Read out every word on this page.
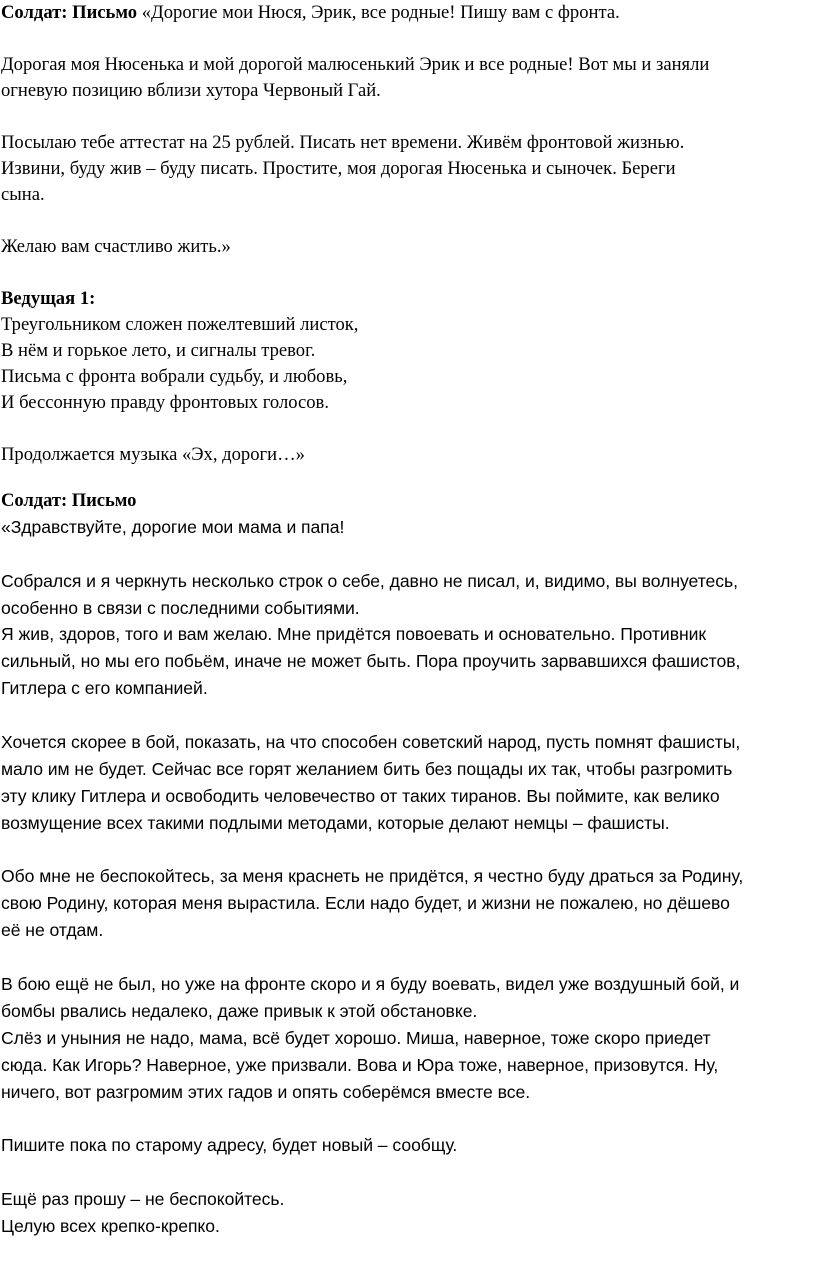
Солдат: Письмо «Дорогие мои Нюся, Эрик, все родные! Пишу вам с фронта.

Дорогая моя Нюсенька и мой дорогой малюсенький Эрик и все родные! Вот мы и заняли

огневую позицию вблизи хутора Червоный Гай.

Посылаю тебе аттестат на 25 рублей. Писать нет времени. Живём фронтовой жизнью.

Извини, буду жив – буду писать. Простите, моя дорогая Нюсенька и сыночек. Береги

сына.

Желаю вам счастливо жить.»

Ведущая 1:

Треугольником сложен пожелтевший листок,

В нём и горькое лето, и сигналы тревог.

Письма с фронта вобрали судьбу, и любовь,

И бессонную правду фронтовых голосов.

Продолжается музыка «Эх, дороги…»

Солдат: Письмо

«Здравствуйте, дорогие мои мама и папа!

Собрался и я черкнуть несколько строк о себе, давно не писал, и, видимо, вы волнуетесь,

особенно в связи с последними событиями.

Я жив, здоров, того и вам желаю. Мне придётся повоевать и основательно. Противник

сильный, но мы его побьём, иначе не может быть. Пора проучить зарвавшихся фашистов,

Гитлера с его компанией.

Хочется скорее в бой, показать, на что способен советский народ, пусть помнят фашисты,

мало им не будет. Сейчас все горят желанием бить без пощады их так, чтобы разгромить

эту клику Гитлера и освободить человечество от таких тиранов. Вы поймите, как велико

возмущение всех такими подлыми методами, которые делают немцы – фашисты.

Обо мне не беспокойтесь, за меня краснеть не придётся, я честно буду драться за Родину,

свою Родину, которая меня вырастила. Если надо будет, и жизни не пожалею, но дёшево

её не отдам.

В бою ещё не был, но уже на фронте скоро и я буду воевать, видел уже воздушный бой, и

бомбы рвались недалеко, даже привык к этой обстановке.

Слёз и уныния не надо, мама, всё будет хорошо. Миша, наверное, тоже скоро приедет

сюда. Как Игорь? Наверное, уже призвали. Вова и Юра тоже, наверное, призовутся. Ну,

ничего, вот разгромим этих гадов и опять соберёмся вместе все.

Пишите пока по старому адресу, будет новый – сообщу.

Ещё раз прошу – не беспокойтесь.

Целую всех крепко-крепко.
